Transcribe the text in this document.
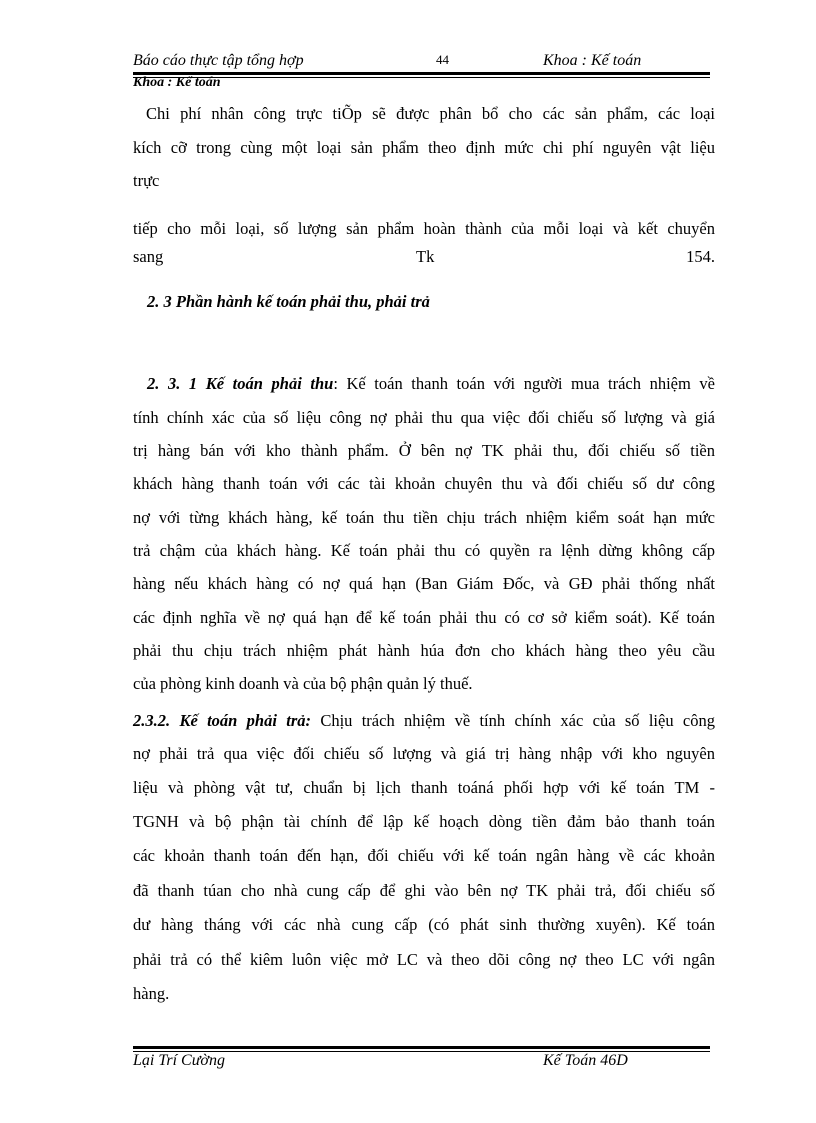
Báo cáo thực tập tổng hợp	44	Khoa : Kế toán
Khoa : Kế toán
Chi phí nhân công trực tiÕp sẽ được phân bổ cho các sản phẩm, các loại
kích cỡ trong cùng một loại sản phẩm theo định mức chi phí nguyên vật liệu
trực
tiếp cho mỗi loại, số lượng sản phẩm hoàn thành của mỗi loại và kết chuyển
sang	Tk	154.
2. 3 Phần hành kế toán phải thu, phải trả
2. 3. 1 Kế toán phải thu: Kế toán thanh toán với người mua trách nhiệm về
tính chính xác của số liệu công nợ phải thu qua việc đối chiếu số lượng và giá
trị hàng bán với kho thành phẩm. Ở bên nợ TK phải thu, đối chiếu số tiền
khách hàng thanh toán với các tài khoản chuyên thu và đối chiếu số dư công
nợ với từng khách hàng, kế toán thu tiền chịu trách nhiệm kiểm soát hạn mức
trả chậm của khách hàng. Kế toán phải thu có quyền ra lệnh dừng không cấp
hàng nếu khách hàng có nợ quá hạn (Ban Giám Đốc, và GĐ phải thống nhất
các định nghĩa về nợ quá hạn để kế toán phải thu có cơ sở kiểm soát). Kế toán
phải thu chịu trách nhiệm phát hành húa đơn cho khách hàng theo yêu cầu
của phòng kinh doanh và của bộ phận quản lý thuế.
2.3.2. Kế toán phải trả: Chịu trách nhiệm về tính chính xác của số liệu công
nợ phải trả qua việc đối chiếu số lượng và giá trị hàng nhập với kho nguyên
liệu và phòng vật tư, chuẩn bị lịch thanh toáná phối hợp với kế toán TM -
TGNH và bộ phận tài chính để lập kế hoạch dòng tiền đảm bảo thanh toán
các khoản thanh toán đến hạn, đối chiếu với kế toán ngân hàng về các khoản
đã thanh túan cho nhà cung cấp để ghi vào bên nợ TK phải trả, đối chiếu số
dư hàng tháng với các nhà cung cấp (có phát sinh thường xuyên). Kế toán
phải trả có thể kiêm luôn việc mở LC và theo dõi công nợ theo LC với ngân
hàng.
Lại Trí Cường	Kế Toán 46D
